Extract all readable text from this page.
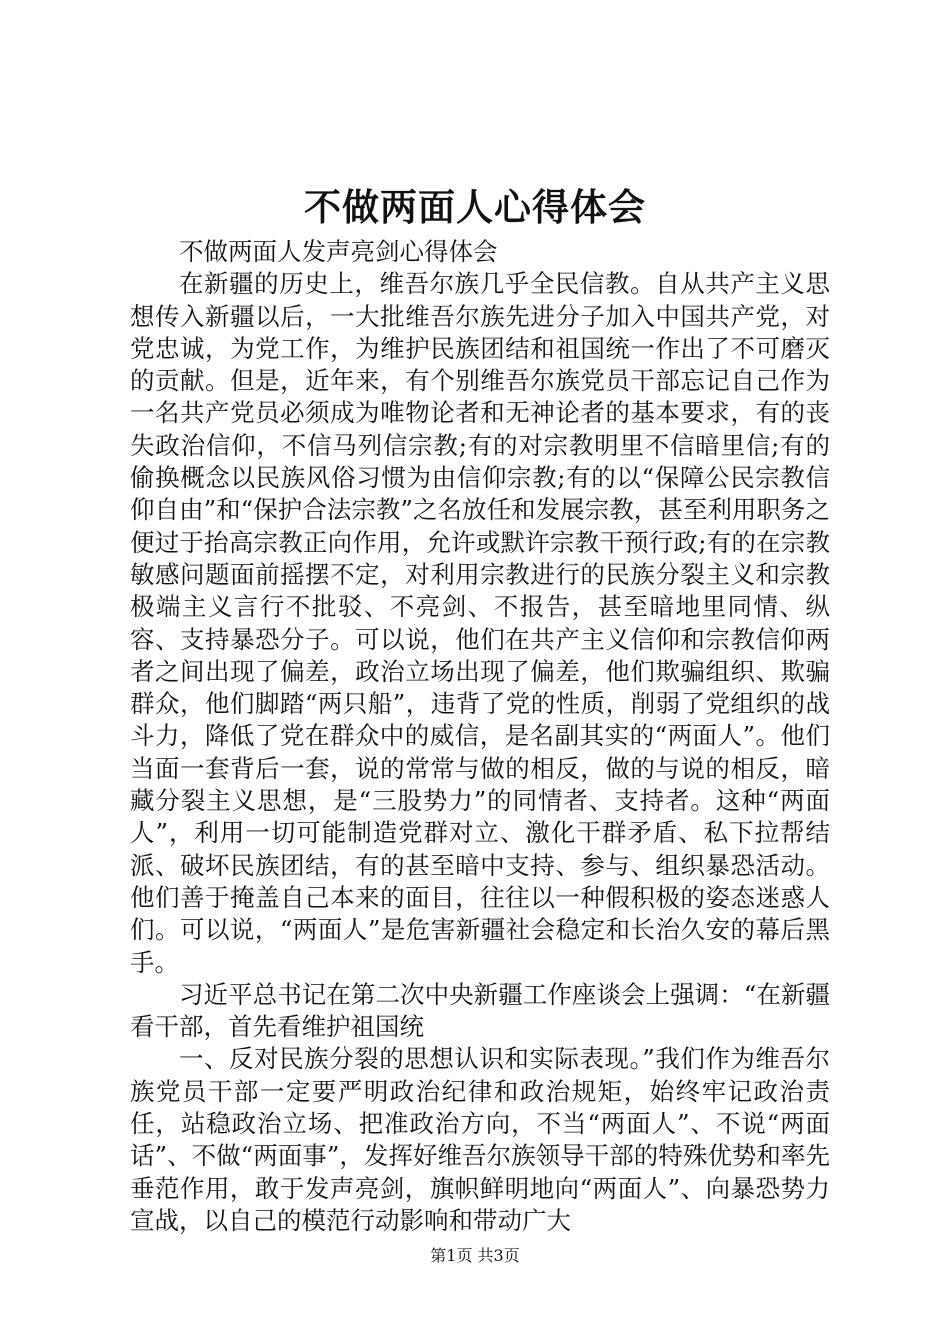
不做两面人心得体会

不做两面人发声亮剑心得体会

在新疆的历史上，维吾尔族几乎全民信教。自从共产主义思想传入新疆以后，一大批维吾尔族先进分子加入中国共产党，对党忠诚，为党工作，为维护民族团结和祖国统一作出了不可磨灭的贡献。但是，近年来，有个别维吾尔族党员干部忘记自己作为一名共产党员必须成为唯物论者和无神论者的基本要求，有的丧失政治信仰，不信马列信宗教;有的对宗教明里不信暗里信;有的偷换概念以民族风俗习惯为由信仰宗教;有的以“保障公民宗教信仰自由”和“保护合法宗教”之名放任和发展宗教，甚至利用职务之便过于抬高宗教正向作用，允许或默许宗教干预行政;有的在宗教敏感问题面前摇摆不定，对利用宗教进行的民族分裂主义和宗教极端主义言行不批驳、不亮剑、不报告，甚至暗地里同情、纵容、支持暴恐分子。可以说，他们在共产主义信仰和宗教信仰两者之间出现了偏差，政治立场出现了偏差，他们欺骗组织、欺骗群众，他们脚踏“两只船”，违背了党的性质，削弱了党组织的战斗力，降低了党在群众中的威信，是名副其实的“两面人”。他们当面一套背后一套，说的常常与做的相反，做的与说的相反，暗藏分裂主义思想，是“三股势力”的同情者、支持者。这种“两面人”，利用一切可能制造党群对立、激化干群矛盾、私下拉帮结派、破坏民族团结，有的甚至暗中支持、参与、组织暴恐活动。他们善于掩盖自己本来的面目，往往以一种假积极的姿态迷惑人们。可以说，“两面人”是危害新疆社会稳定和长治久安的幕后黑手。

习近平总书记在第二次中央新疆工作座谈会上强调：“在新疆看干部，首先看维护祖国统

一、反对民族分裂的思想认识和实际表现。”我们作为维吾尔族党员干部一定要严明政治纪律和政治规矩，始终牢记政治责任，站稳政治立场、把准政治方向，不当“两面人”、不说“两面话”、不做“两面事”，发挥好维吾尔族领导干部的特殊优势和率先垂范作用，敢于发声亮剑，旗帜鲜明地向“两面人”、向暴恐势力宣战，以自己的模范行动影响和带动广大

第1页 共3页
